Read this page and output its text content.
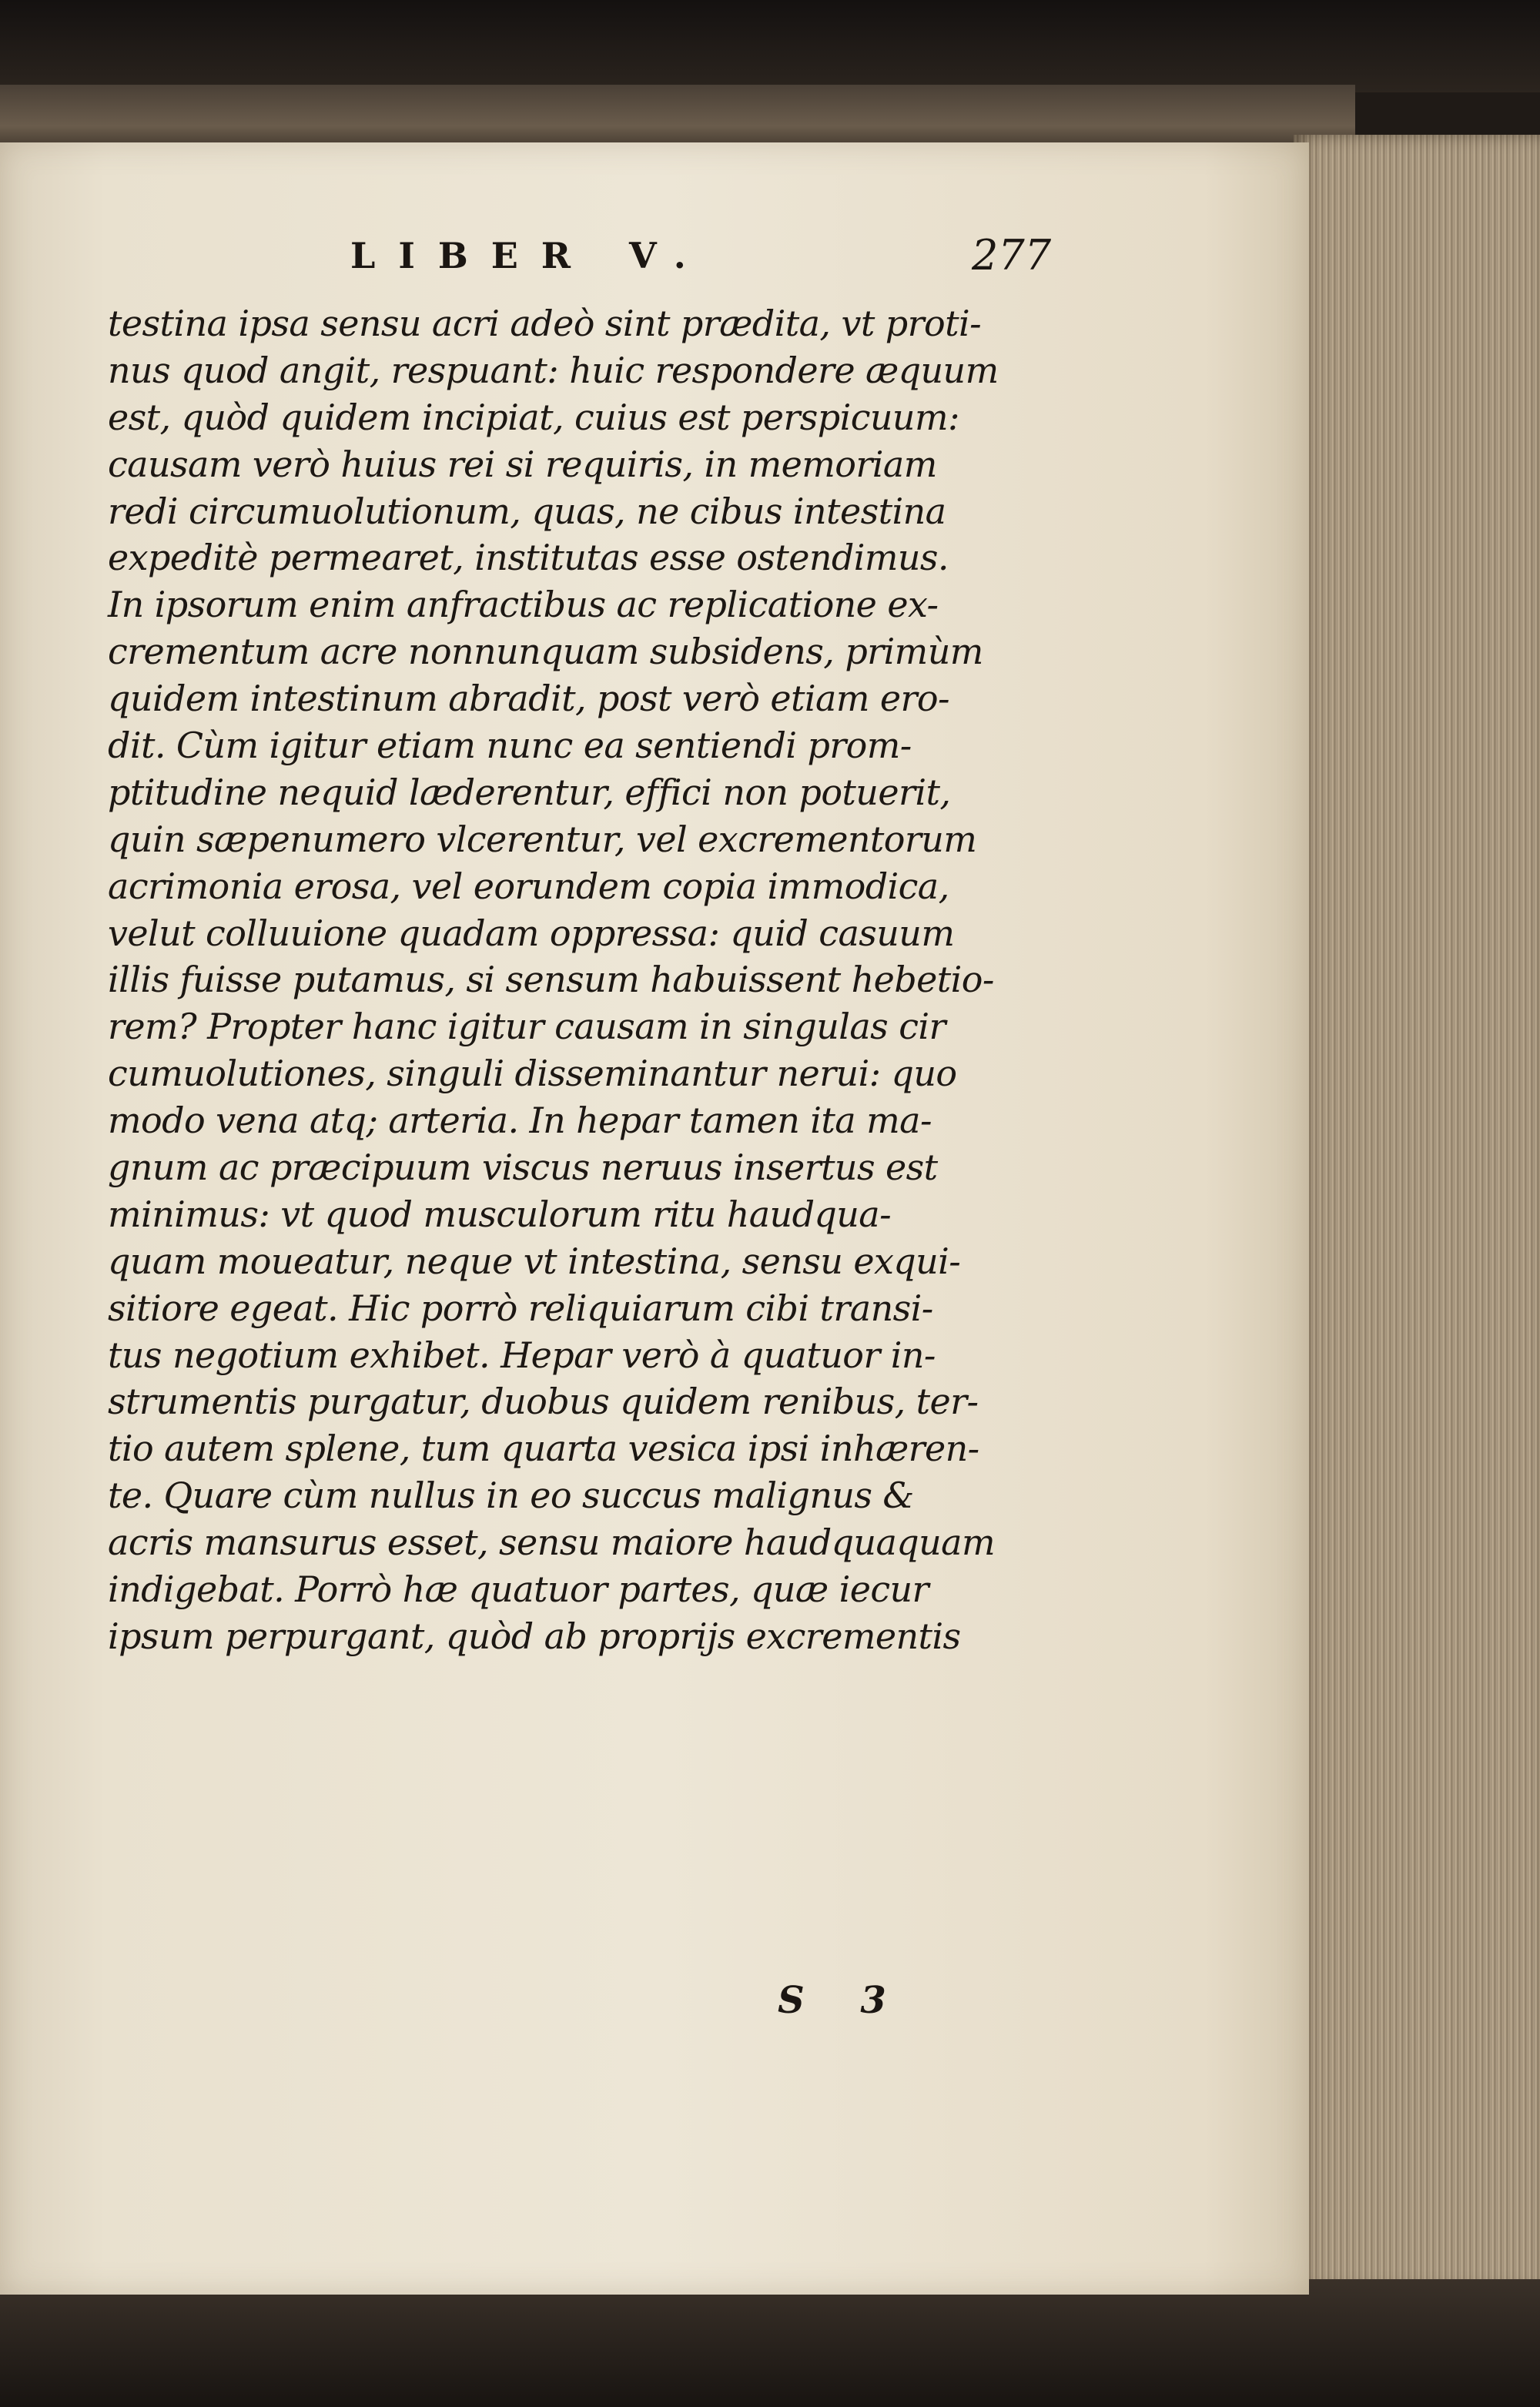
LIBER V.	277
testina ipsa sensu acri adeò sint prædita, vt proti-
nus quod angit, respuant: huic respondere æquum
est, quòd quidem incipiat, cuius est perspicuum:
causam verò huius rei si requiris, in memoriam
redi circumuolutionum, quas, ne cibus intestina
expeditè permearet, institutas esse ostendimus.
In ipsorum enim anfractibus ac replicatione ex-
crementum acre nonnunquam subsidens, primùm
quidem intestinum abradit, post verò etiam ero-
dit. Cùm igitur etiam nunc ea sentiendi prom-
ptitudine nequid læderentur, effici non potuerit,
quin sæpenumero vlcerentur, vel excrementorum
acrimonia erosa, vel eorundem copia immodica,
velut colluuione quadam oppressa: quid casuum
illis fuisse putamus, si sensum habuissent hebetio-
rem? Propter hanc igitur causam in singulas cir
cumuolutiones, singuli disseminantur nerui: quo
modo vena atq; arteria. In hepar tamen ita ma-
gnum ac præcipuum viscus neruus insertus est
minimus: vt quod musculorum ritu haudqua-
quam moueatur, neque vt intestina, sensu exqui-
sitiore egeat. Hic porrò reliquiarum cibi transi-
tus negotium exhibet. Hepar verò à quatuor in-
strumentis purgatur, duobus quidem renibus, ter-
tio autem splene, tum quarta vesica ipsi inhæren-
te. Quare cùm nullus in eo succus malignus &
acris mansurus esset, sensu maiore haudquaquam
indigebat. Porrò hæ quatuor partes, quæ iecur
ipsum perpurgant, quòd ab proprijs excrementis
S 3
